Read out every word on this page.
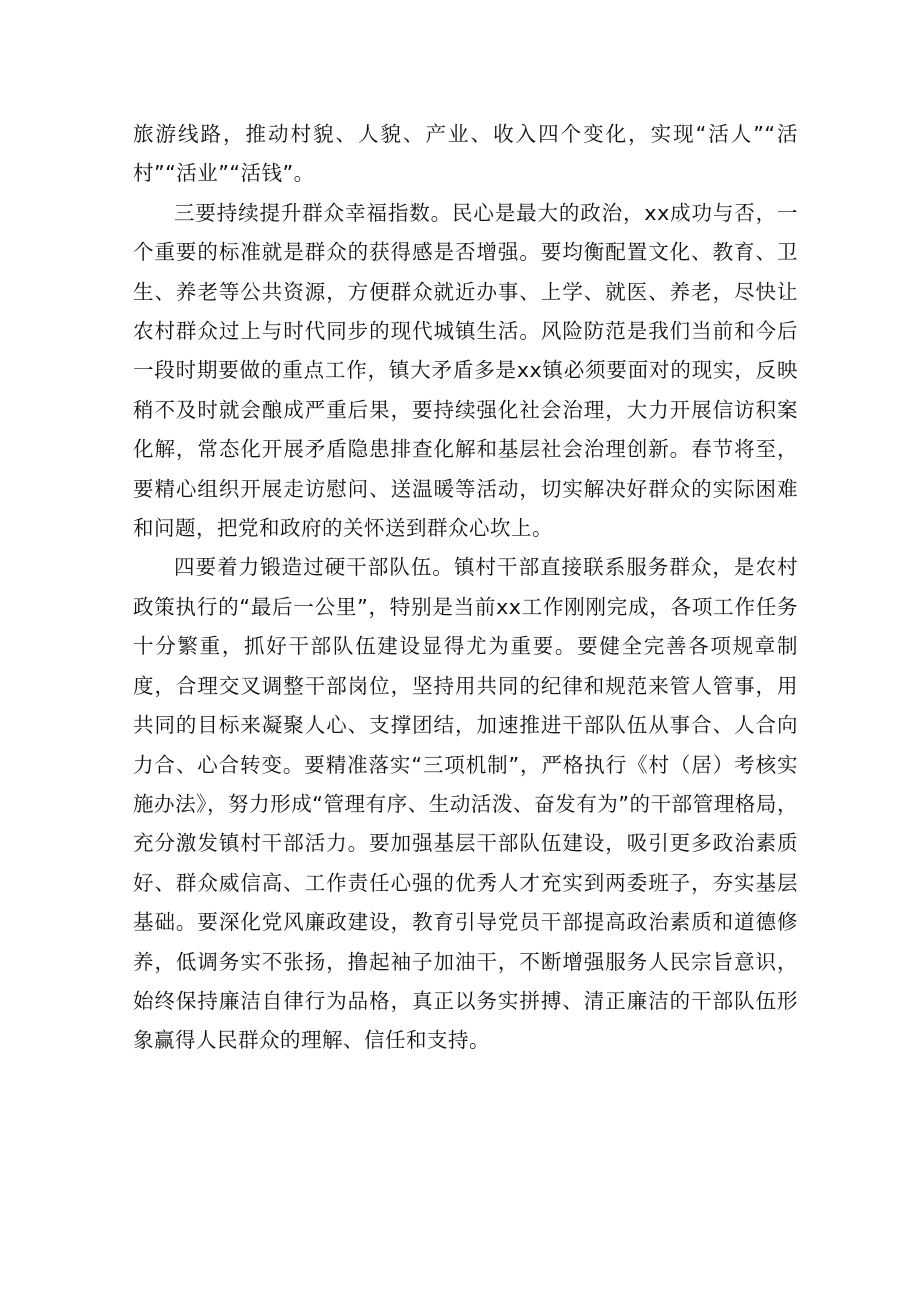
旅游线路，推动村貌、人貌、产业、收入四个变化，实现“活人”“活村”“活业”“活钱”。

三要持续提升群众幸福指数。民心是最大的政治，xx成功与否，一个重要的标准就是群众的获得感是否增强。要均衡配置文化、教育、卫生、养老等公共资源，方便群众就近办事、上学、就医、养老，尽快让农村群众过上与时代同步的现代城镇生活。风险防范是我们当前和今后一段时期要做的重点工作，镇大矛盾多是xx镇必须要面对的现实，反映稍不及时就会酿成严重后果，要持续强化社会治理，大力开展信访积案化解，常态化开展矛盾隐患排查化解和基层社会治理创新。春节将至，要精心组织开展走访慰问、送温暖等活动，切实解决好群众的实际困难和问题，把党和政府的关怀送到群众心坎上。

四要着力锻造过硬干部队伍。镇村干部直接联系服务群众，是农村政策执行的“最后一公里”，特别是当前xx工作刚刚完成，各项工作任务十分繁重，抓好干部队伍建设显得尤为重要。要健全完善各项规章制度，合理交叉调整干部岗位，坚持用共同的纪律和规范来管人管事，用共同的目标来凝聚人心、支撑团结，加速推进干部队伍从事合、人合向力合、心合转变。要精准落实“三项机制”，严格执行《村（居）考核实施办法》，努力形成“管理有序、生动活泼、奋发有为”的干部管理格局，充分激发镇村干部活力。要加强基层干部队伍建设，吸引更多政治素质好、群众威信高、工作责任心强的优秀人才充实到两委班子，夯实基层基础。要深化党风廉政建设，教育引导党员干部提高政治素质和道德修养，低调务实不张扬，撸起袖子加油干，不断增强服务人民宗旨意识，始终保持廉洁自律行为品格，真正以务实拼搏、清正廉洁的干部队伍形象赢得人民群众的理解、信任和支持。
